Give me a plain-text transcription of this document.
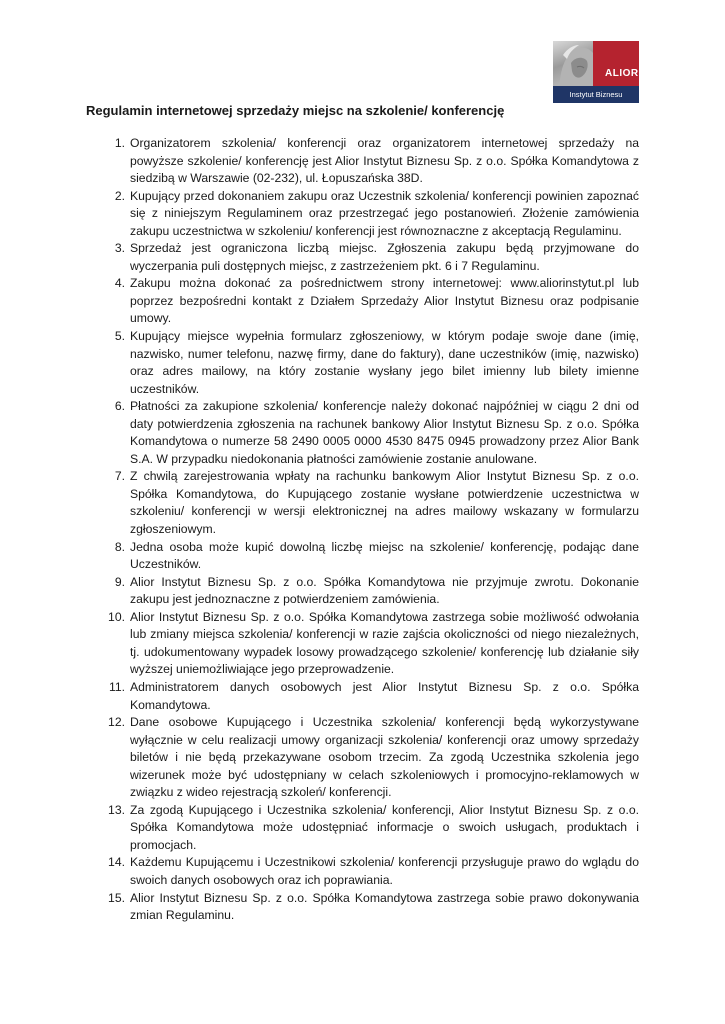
ALIOR
Instytut Biznesu
Regulamin internetowej sprzedaży miejsc na szkolenie/ konferencję
1 . Organizatorem szkolenia/ konferencji oraz organizatorem internetowej sprzedaży na powyższe szkolenie/ konferencję jest Alior Instytut Biznesu Sp. z o.o. Spółka Komandytowa z siedzibą w Warszawie (02-232), ul. Łopuszańska 38D.
2 . Kupujący przed dokonaniem zakupu oraz Uczestnik szkolenia/ konferencji powinien zapoznać się z niniejszym Regulaminem oraz przestrzegać jego postanowień. Złożenie zamówienia zakupu uczestnictwa w szkoleniu/ konferencji jest równoznaczne z akceptacją Regulaminu.
3 . Sprzedaż jest ograniczona liczbą miejsc. Zgłoszenia zakupu będą przyjmowane do wyczerpania puli dostępnych miejsc, z zastrzeżeniem pkt. 6 i 7 Regulaminu.
4 . Zakupu można dokonać za pośrednictwem strony internetowej: www.aliorinstytut.pl lub poprzez bezpośredni kontakt z Działem Sprzedaży Alior Instytut Biznesu oraz podpisanie umowy.
5 . Kupujący miejsce wypełnia formularz zgłoszeniowy, w którym podaje swoje dane (imię, nazwisko, numer telefonu, nazwę firmy, dane do faktury), dane uczestników (imię, nazwisko) oraz adres mailowy, na który zostanie wysłany jego bilet imienny lub bilety imienne uczestników.
6 . Płatności za zakupione szkolenia/ konferencje należy dokonać najpóźniej w ciągu 2 dni od daty potwierdzenia zgłoszenia na rachunek bankowy Alior Instytut Biznesu Sp. z o.o. Spółka Komandytowa o numerze 58 2490 0005 0000 4530 8475 0945 prowadzony przez Alior Bank S.A. W przypadku niedokonania płatności zamówienie zostanie anulowane.
7 . Z chwilą zarejestrowania wpłaty na rachunku bankowym Alior Instytut Biznesu Sp. z o.o. Spółka Komandytowa, do Kupującego zostanie wysłane potwierdzenie uczestnictwa w szkoleniu/ konferencji w wersji elektronicznej na adres mailowy wskazany w formularzu zgłoszeniowym.
8 . Jedna osoba może kupić dowolną liczbę miejsc na szkolenie/ konferencję, podając dane Uczestników.
9 . Alior Instytut Biznesu Sp. z o.o. Spółka Komandytowa nie przyjmuje zwrotu. Dokonanie zakupu jest jednoznaczne z potwierdzeniem zamówienia.
10 . Alior Instytut Biznesu Sp. z o.o. Spółka Komandytowa zastrzega sobie możliwość odwołania lub zmiany miejsca szkolenia/ konferencji w razie zajścia okoliczności od niego niezależnych, tj. udokumentowany wypadek losowy prowadzącego szkolenie/ konferencję lub działanie siły wyższej uniemożliwiające jego przeprowadzenie.
11 . Administratorem danych osobowych jest Alior Instytut Biznesu Sp. z o.o. Spółka Komandytowa.
12 . Dane osobowe Kupującego i Uczestnika szkolenia/ konferencji będą wykorzystywane wyłącznie w celu realizacji umowy organizacji szkolenia/ konferencji oraz umowy sprzedaży biletów i nie będą przekazywane osobom trzecim. Za zgodą Uczestnika szkolenia jego wizerunek może być udostępniany w celach szkoleniowych i promocyjno-reklamowych w związku z wideo rejestracją szkoleń/ konferencji.
13 . Za zgodą Kupującego i Uczestnika szkolenia/ konferencji, Alior Instytut Biznesu Sp. z o.o. Spółka Komandytowa może udostępniać informacje o swoich usługach, produktach i promocjach.
14 . Każdemu Kupującemu i Uczestnikowi szkolenia/ konferencji przysługuje prawo do wglądu do swoich danych osobowych oraz ich poprawiania.
15 . Alior Instytut Biznesu Sp. z o.o. Spółka Komandytowa zastrzega sobie prawo dokonywania zmian Regulaminu.
